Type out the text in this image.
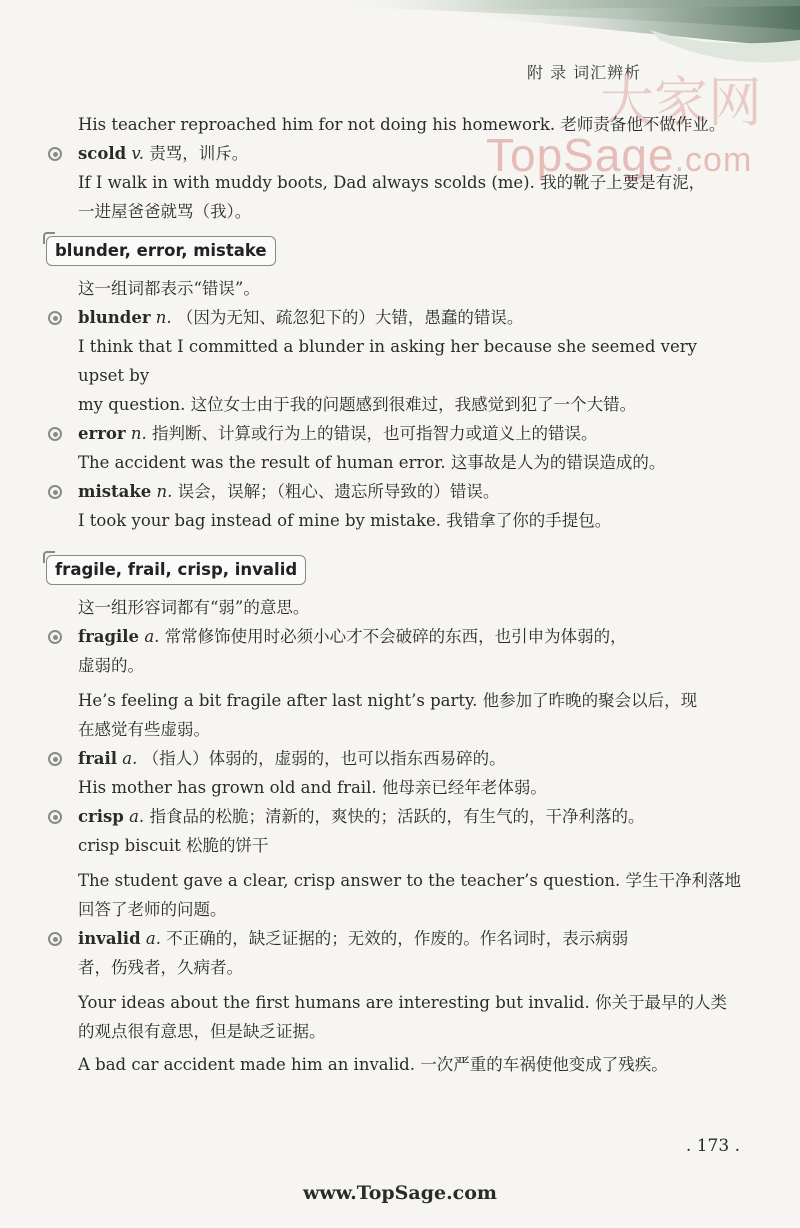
附 录 词汇辨析
大家网
TopSage.com

His teacher reproached him for not doing his homework. 老师责备他不做作业。

scold v. 责骂，训斥。

If I walk in with muddy boots, Dad always scolds (me). 我的靴子上要是有泥，

一进屋爸爸就骂（我）。

blunder, error, mistake

这一组词都表示“错误”。

blunder n. （因为无知、疏忽犯下的）大错，愚蠢的错误。

I think that I committed a blunder in asking her because she seemed very upset by

my question. 这位女士由于我的问题感到很难过，我感觉到犯了一个大错。

error n. 指判断、计算或行为上的错误，也可指智力或道义上的错误。

The accident was the result of human error. 这事故是人为的错误造成的。

mistake n. 误会，误解；（粗心、遗忘所导致的）错误。

I took your bag instead of mine by mistake. 我错拿了你的手提包。

fragile, frail, crisp, invalid

这一组形容词都有“弱”的意思。

fragile a. 常常修饰使用时必须小心才不会破碎的东西，也引申为体弱的，

虚弱的。

He’s feeling a bit fragile after last night’s party. 他参加了昨晚的聚会以后，现

在感觉有些虚弱。

frail a. （指人）体弱的，虚弱的，也可以指东西易碎的。

His mother has grown old and frail. 他母亲已经年老体弱。

crisp a. 指食品的松脆；清新的，爽快的；活跃的，有生气的，干净利落的。

crisp biscuit 松脆的饼干

The student gave a clear, crisp answer to the teacher’s question. 学生干净利落地

回答了老师的问题。

invalid a. 不正确的，缺乏证据的；无效的，作废的。作名词时，表示病弱

者，伤残者，久病者。

Your ideas about the first humans are interesting but invalid. 你关于最早的人类

的观点很有意思，但是缺乏证据。

A bad car accident made him an invalid. 一次严重的车祸使他变成了残疾。

. 173 .
www.TopSage.com
